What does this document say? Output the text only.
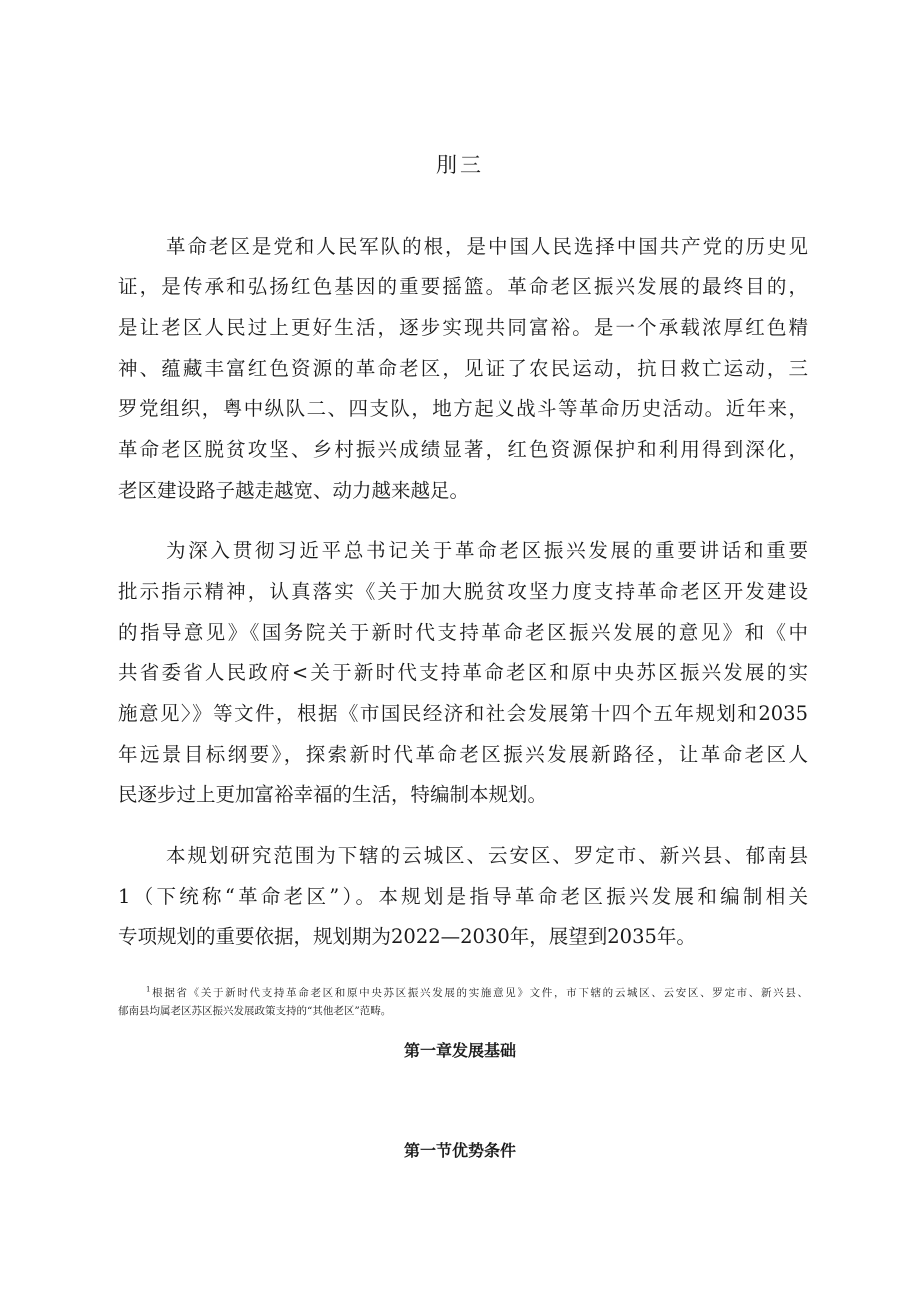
刖三
革命老区是党和人民军队的根，是中国人民选择中国共产党的历史见
证，是传承和弘扬红色基因的重要摇篮。革命老区振兴发展的最终目的，
是让老区人民过上更好生活，逐步实现共同富裕。是一个承载浓厚红色精
神、蕴藏丰富红色资源的革命老区，见证了农民运动，抗日救亡运动，三
罗党组织，粤中纵队二、四支队，地方起义战斗等革命历史活动。近年来，
革命老区脱贫攻坚、乡村振兴成绩显著，红色资源保护和利用得到深化，
老区建设路子越走越宽、动力越来越足。
为深入贯彻习近平总书记关于革命老区振兴发展的重要讲话和重要
批示指示精神，认真落实《关于加大脱贫攻坚力度支持革命老区开发建设
的指导意见》《国务院关于新时代支持革命老区振兴发展的意见》和《中
共省委省人民政府<关于新时代支持革命老区和原中央苏区振兴发展的实
施意见〉》等文件，根据《市国民经济和社会发展第十四个五年规划和2035
年远景目标纲要》，探索新时代革命老区振兴发展新路径，让革命老区人
民逐步过上更加富裕幸福的生活，特编制本规划。
本规划研究范围为下辖的云城区、云安区、罗定市、新兴县、郁南县
1（下统称“革命老区”）。本规划是指导革命老区振兴发展和编制相关
专项规划的重要依据，规划期为2022—2030年，展望到2035年。
$^1$根据省《关于新时代支持革命老区和原中央苏区振兴发展的实施意见》文件，市下辖的云城区、云安区、罗定市、新兴县、
郁南县均属老区苏区振兴发展政策支持的“其他老区”范畴。
第一章发展基础
第一节优势条件
